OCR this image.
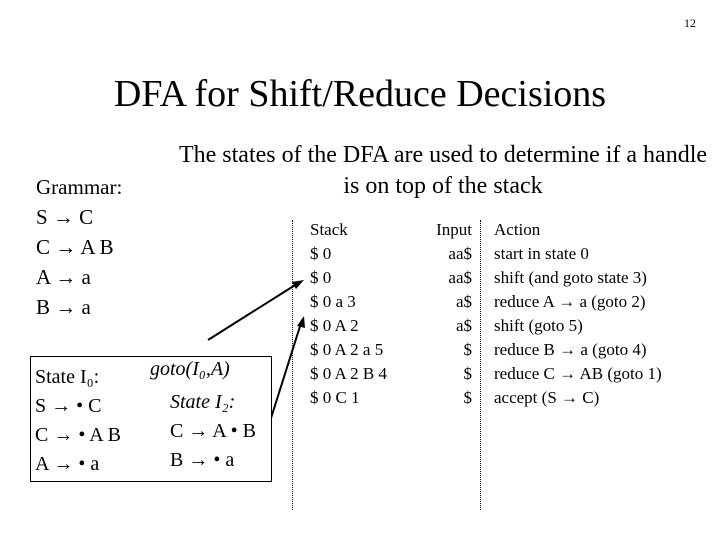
12
DFA for Shift/Reduce Decisions
The states of the DFA are used to determine if a handle is on top of the stack
Grammar:
S → C
C → A B
A → a
B → a
State I₀:
S → • C
C → • A B
A → • a
goto(I₀,A)
State I₂:
C → A • B
B → • a
Stack
$ 0
$ 0
$ 0 a 3
$ 0 A 2
$ 0 A 2 a 5
$ 0 A 2 B 4
$ 0 C 1
Input
aa$
aa$
a$
a$
$
$
$
Action
start in state 0
shift (and goto state 3)
reduce A → a (goto 2)
shift (goto 5)
reduce B → a (goto 4)
reduce C → AB (goto 1)
accept (S → C)
